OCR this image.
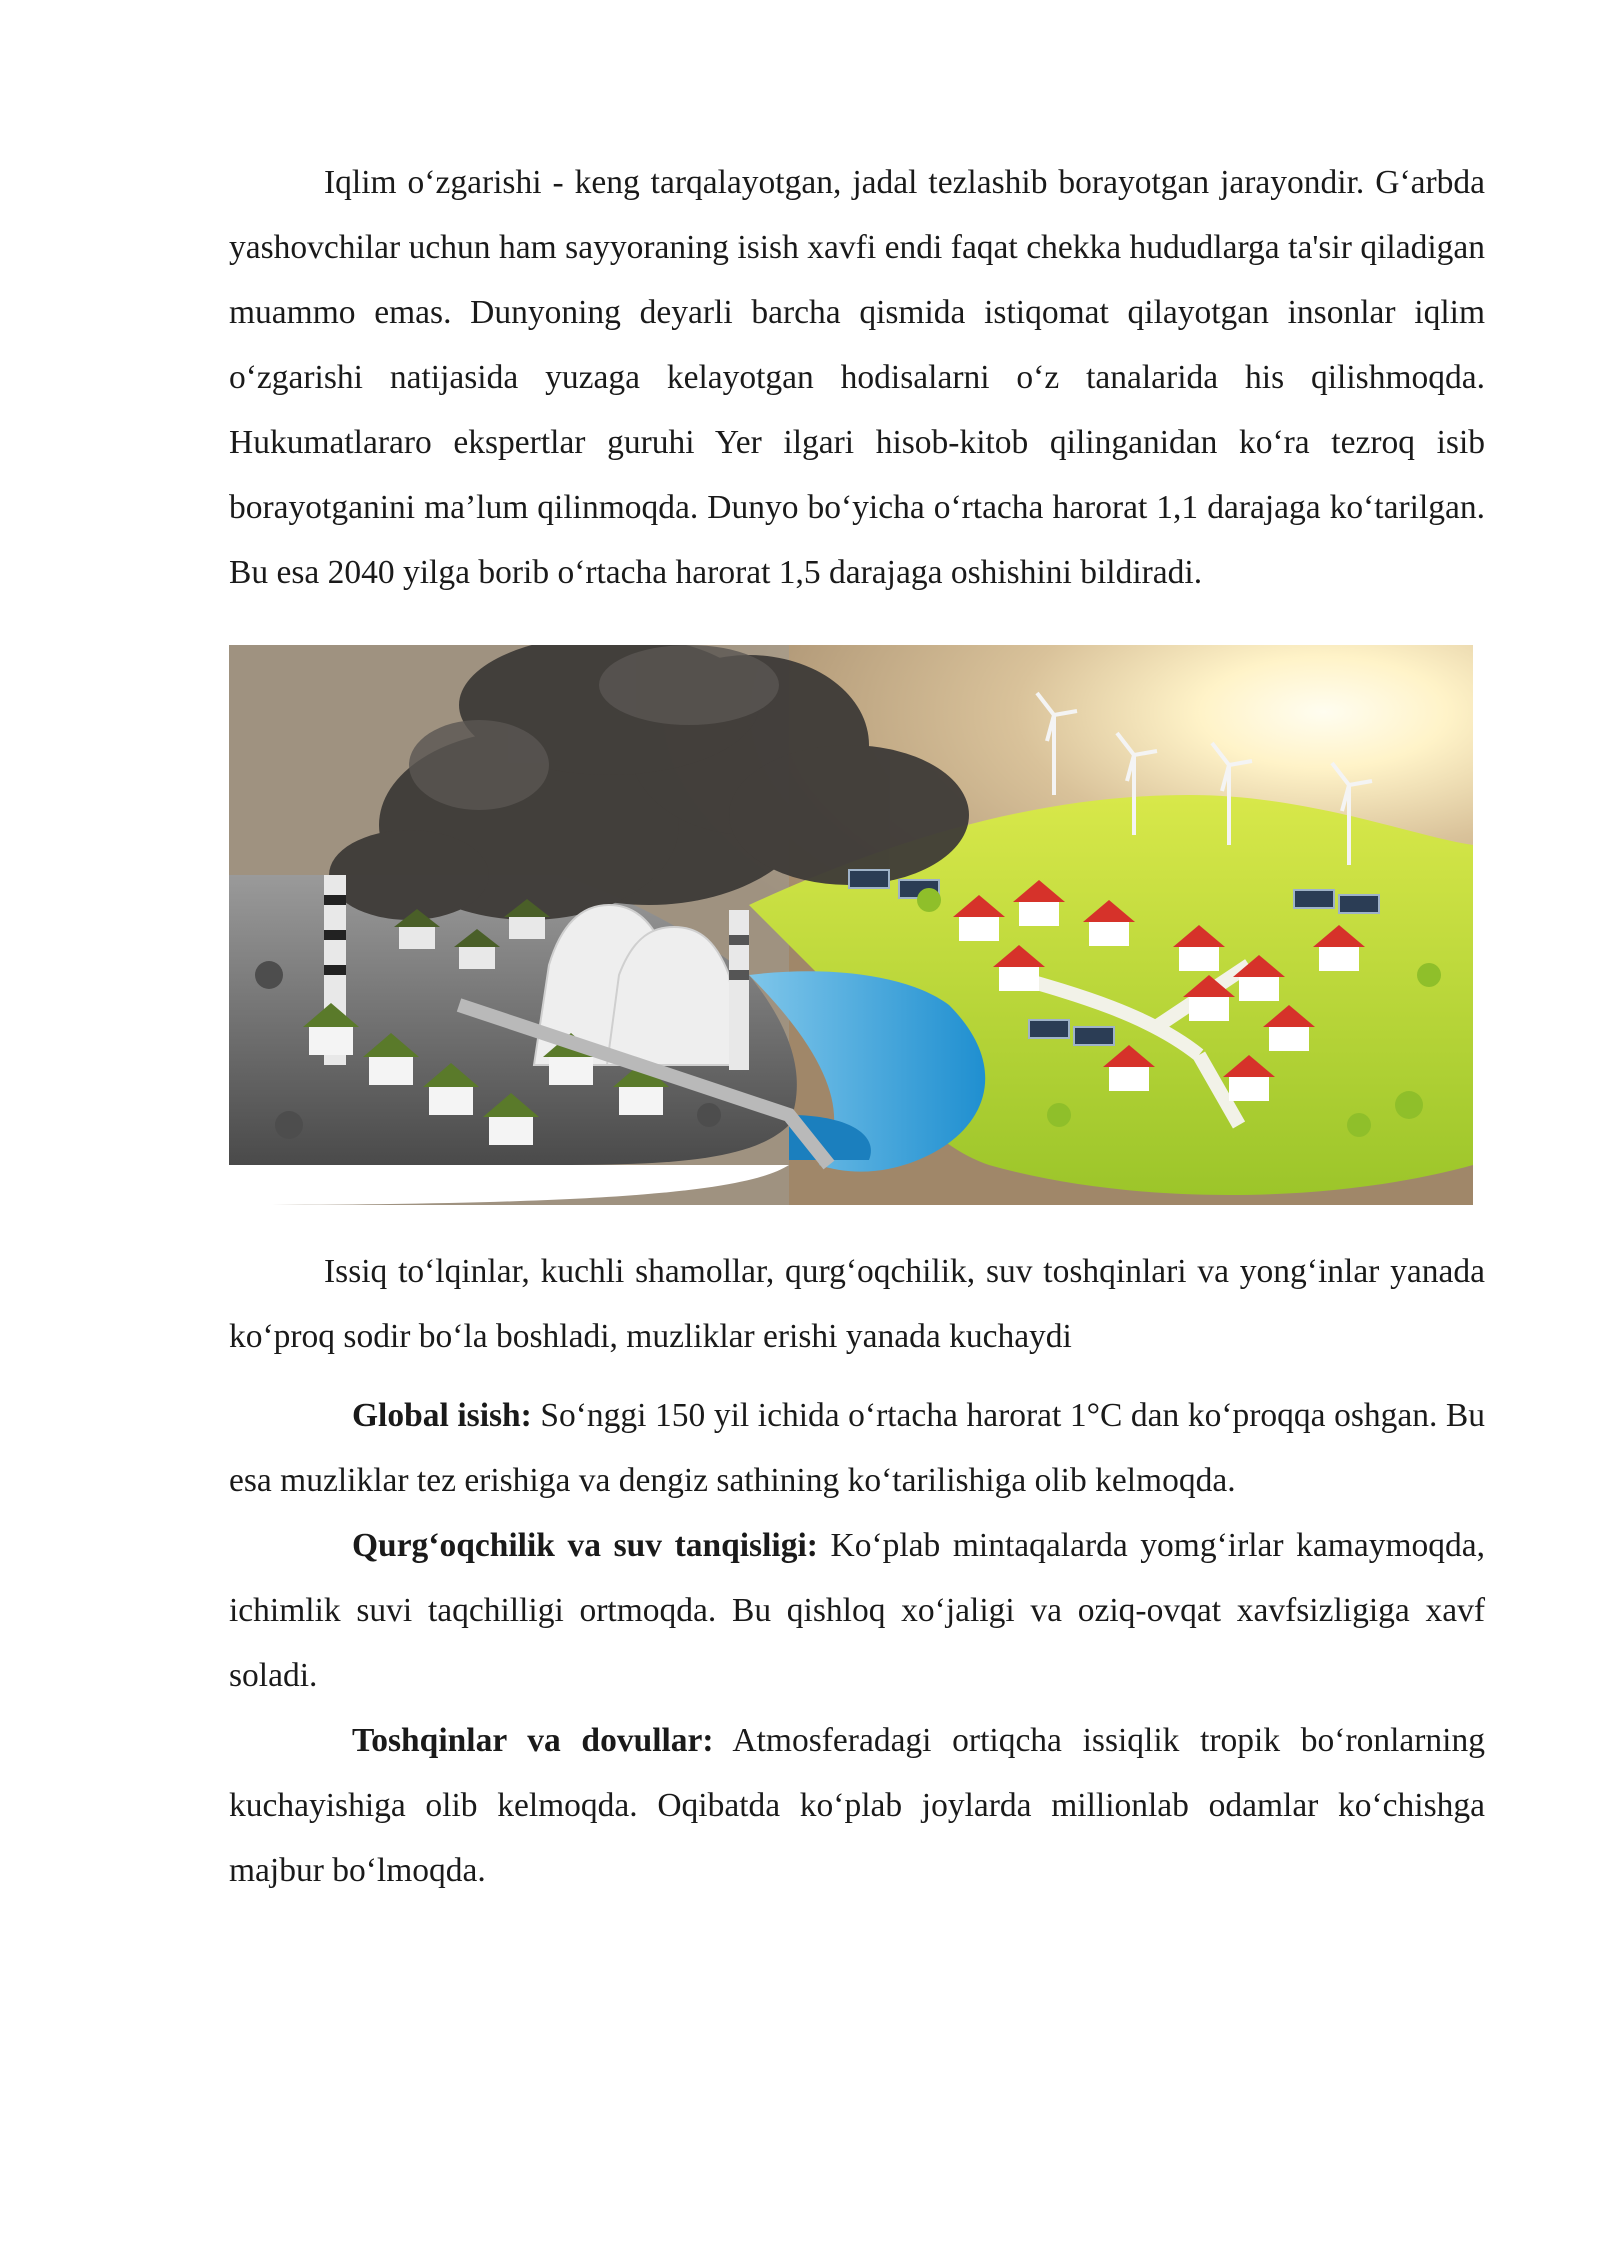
Iqlim o‘zgarishi - keng tarqalayotgan, jadal tezlashib borayotgan jarayondir. G‘arbda yashovchilar uchun ham sayyoraning isish xavfi endi faqat chekka hududlarga ta'sir qiladigan muammo emas. Dunyoning deyarli barcha qismida istiqomat qilayotgan insonlar iqlim o‘zgarishi natijasida yuzaga kelayotgan hodisalarni o‘z tanalarida his qilishmoqda. Hukumatlararo ekspertlar guruhi Yer ilgari hisob-kitob qilinganidan ko‘ra tezroq isib borayotganini ma’lum qilinmoqda. Dunyo bo‘yicha o‘rtacha harorat 1,1 darajaga ko‘tarilgan. Bu esa 2040 yilga borib o‘rtacha harorat 1,5 darajaga oshishini bildiradi.

Issiq to‘lqinlar, kuchli shamollar, qurg‘oqchilik, suv toshqinlari va yong‘inlar yanada ko‘proq sodir bo‘la boshladi, muzliklar erishi yanada kuchaydi

Global isish: So‘nggi 150 yil ichida o‘rtacha harorat 1°C dan ko‘proqqa oshgan. Bu esa muzliklar tez erishiga va dengiz sathining ko‘tarilishiga olib kelmoqda.

Qurg‘oqchilik va suv tanqisligi: Ko‘plab mintaqalarda yomg‘irlar kamaymoqda, ichimlik suvi taqchilligi ortmoqda. Bu qishloq xo‘jaligi va oziq-ovqat xavfsizligiga xavf soladi.

Toshqinlar va dovullar: Atmosferadagi ortiqcha issiqlik tropik bo‘ronlarning kuchayishiga olib kelmoqda. Oqibatda ko‘plab joylarda millionlab odamlar ko‘chishga majbur bo‘lmoqda.
